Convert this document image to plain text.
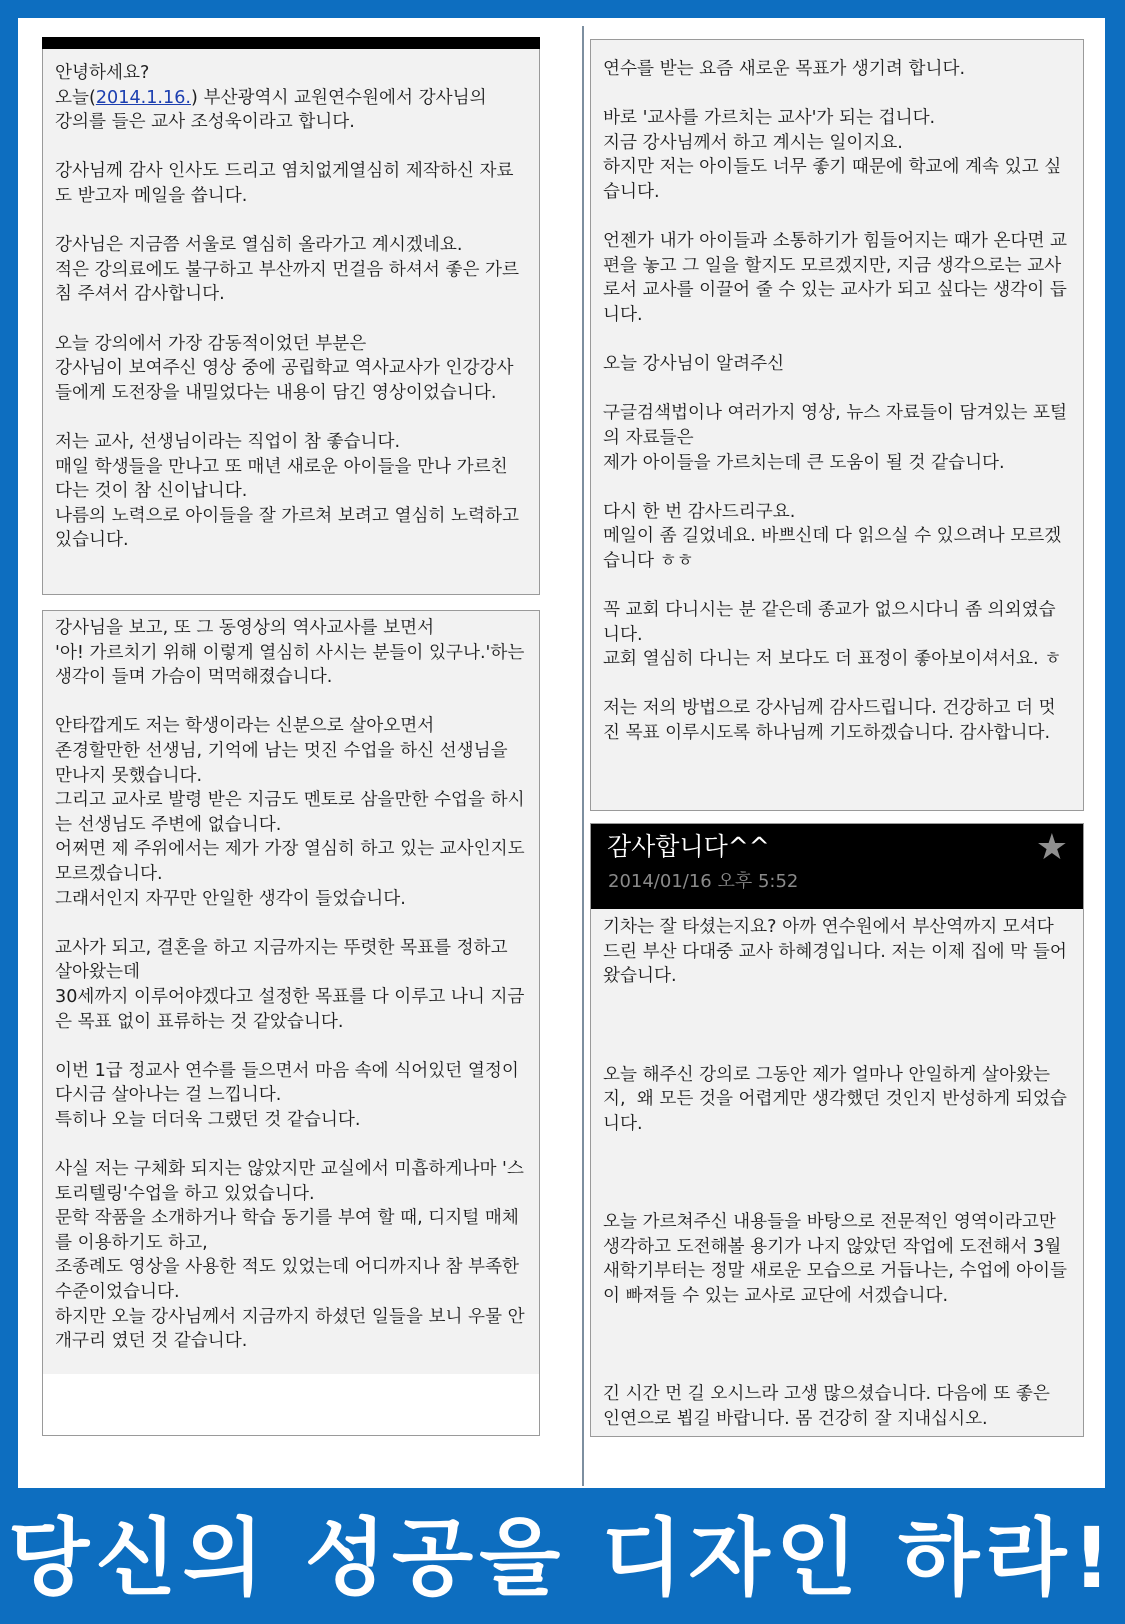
안녕하세요?

오늘(2014.1.16.) 부산광역시 교원연수원에서 강사님의

강의를 들은 교사 조성욱이라고 합니다.

강사님께 감사 인사도 드리고 염치없게열심히 제작하신 자료도 받고자 메일을 씁니다.

강사님은 지금쯤 서울로 열심히 올라가고 계시겠네요.

적은 강의료에도 불구하고 부산까지 먼걸음 하셔서 좋은 가르침 주셔서 감사합니다.

오늘 강의에서 가장 감동적이었던 부분은

강사님이 보여주신 영상 중에 공립학교 역사교사가 인강강사들에게 도전장을 내밀었다는 내용이 담긴 영상이었습니다.

저는 교사, 선생님이라는 직업이 참 좋습니다.

매일 학생들을 만나고 또 매년 새로운 아이들을 만나 가르친 다는 것이 참 신이납니다.

나름의 노력으로 아이들을 잘 가르쳐 보려고 열심히 노력하고 있습니다.

강사님을 보고, 또 그 동영상의 역사교사를 보면서

'아! 가르치기 위해 이렇게 열심히 사시는 분들이 있구나.'하는 생각이 들며 가슴이 먹먹해졌습니다.

안타깝게도 저는 학생이라는 신분으로 살아오면서

존경할만한 선생님, 기억에 남는 멋진 수업을 하신 선생님을 만나지 못했습니다.

그리고 교사로 발령 받은 지금도 멘토로 삼을만한 수업을 하시는 선생님도 주변에 없습니다.

어쩌면 제 주위에서는 제가 가장 열심히 하고 있는 교사인지도 모르겠습니다.

그래서인지 자꾸만 안일한 생각이 들었습니다.

교사가 되고, 결혼을 하고 지금까지는 뚜렷한 목표를 정하고 살아왔는데

30세까지 이루어야겠다고 설정한 목표를 다 이루고 나니 지금은 목표 없이 표류하는 것 같았습니다.

이번 1급 정교사 연수를 들으면서 마음 속에 식어있던 열정이 다시금 살아나는 걸 느낍니다.

특히나 오늘 더더욱 그랬던 것 같습니다.

사실 저는 구체화 되지는 않았지만 교실에서 미흡하게나마 '스토리텔링'수업을 하고 있었습니다.

문학 작품을 소개하거나 학습 동기를 부여 할 때, 디지털 매체를 이용하기도 하고,

조종례도 영상을 사용한 적도 있었는데 어디까지나 참 부족한 수준이었습니다.

하지만 오늘 강사님께서 지금까지 하셨던 일들을 보니 우물 안 개구리 였던 것 같습니다.

연수를 받는 요즘 새로운 목표가 생기려 합니다.

바로 '교사를 가르치는 교사'가 되는 겁니다.

지금 강사님께서 하고 계시는 일이지요.

하지만 저는 아이들도 너무 좋기 때문에 학교에 계속 있고 싶습니다.

언젠가 내가 아이들과 소통하기가 힘들어지는 때가 온다면 교편을 놓고 그 일을 할지도 모르겠지만, 지금 생각으로는 교사로서 교사를 이끌어 줄 수 있는 교사가 되고 싶다는 생각이 듭니다.

오늘 강사님이 알려주신

구글검색법이나 여러가지 영상, 뉴스 자료들이 담겨있는 포털의 자료들은

제가 아이들을 가르치는데 큰 도움이 될 것 같습니다.

다시 한 번 감사드리구요.

메일이 좀 길었네요. 바쁘신데 다 읽으실 수 있으려나 모르겠습니다 ㅎㅎ

꼭 교회 다니시는 분 같은데 종교가 없으시다니 좀 의외였습니다.

교회 열심히 다니는 저 보다도 더 표정이 좋아보이셔서요. ㅎ

저는 저의 방법으로 강사님께 감사드립니다. 건강하고 더 멋진 목표 이루시도록 하나님께 기도하겠습니다. 감사합니다.

감사합니다^^
2014/01/16 오후 5:52
★

기차는 잘 타셨는지요? 아까 연수원에서 부산역까지 모셔다 드린 부산 다대중 교사 하혜경입니다. 저는 이제 집에 막 들어왔습니다.

오늘 해주신 강의로 그동안 제가 얼마나 안일하게 살아왔는지,  왜 모든 것을 어렵게만 생각했던 것인지 반성하게 되었습니다.

오늘 가르쳐주신 내용들을 바탕으로 전문적인 영역이라고만 생각하고 도전해볼 용기가 나지 않았던 작업에 도전해서 3월 새학기부터는 정말 새로운 모습으로 거듭나는, 수업에 아이들이 빠져들 수 있는 교사로 교단에 서겠습니다.

긴 시간 먼 길 오시느라 고생 많으셨습니다. 다음에 또 좋은 인연으로 뵙길 바랍니다. 몸 건강히 잘 지내십시오.

당신의 성공을 디자인 하라!
